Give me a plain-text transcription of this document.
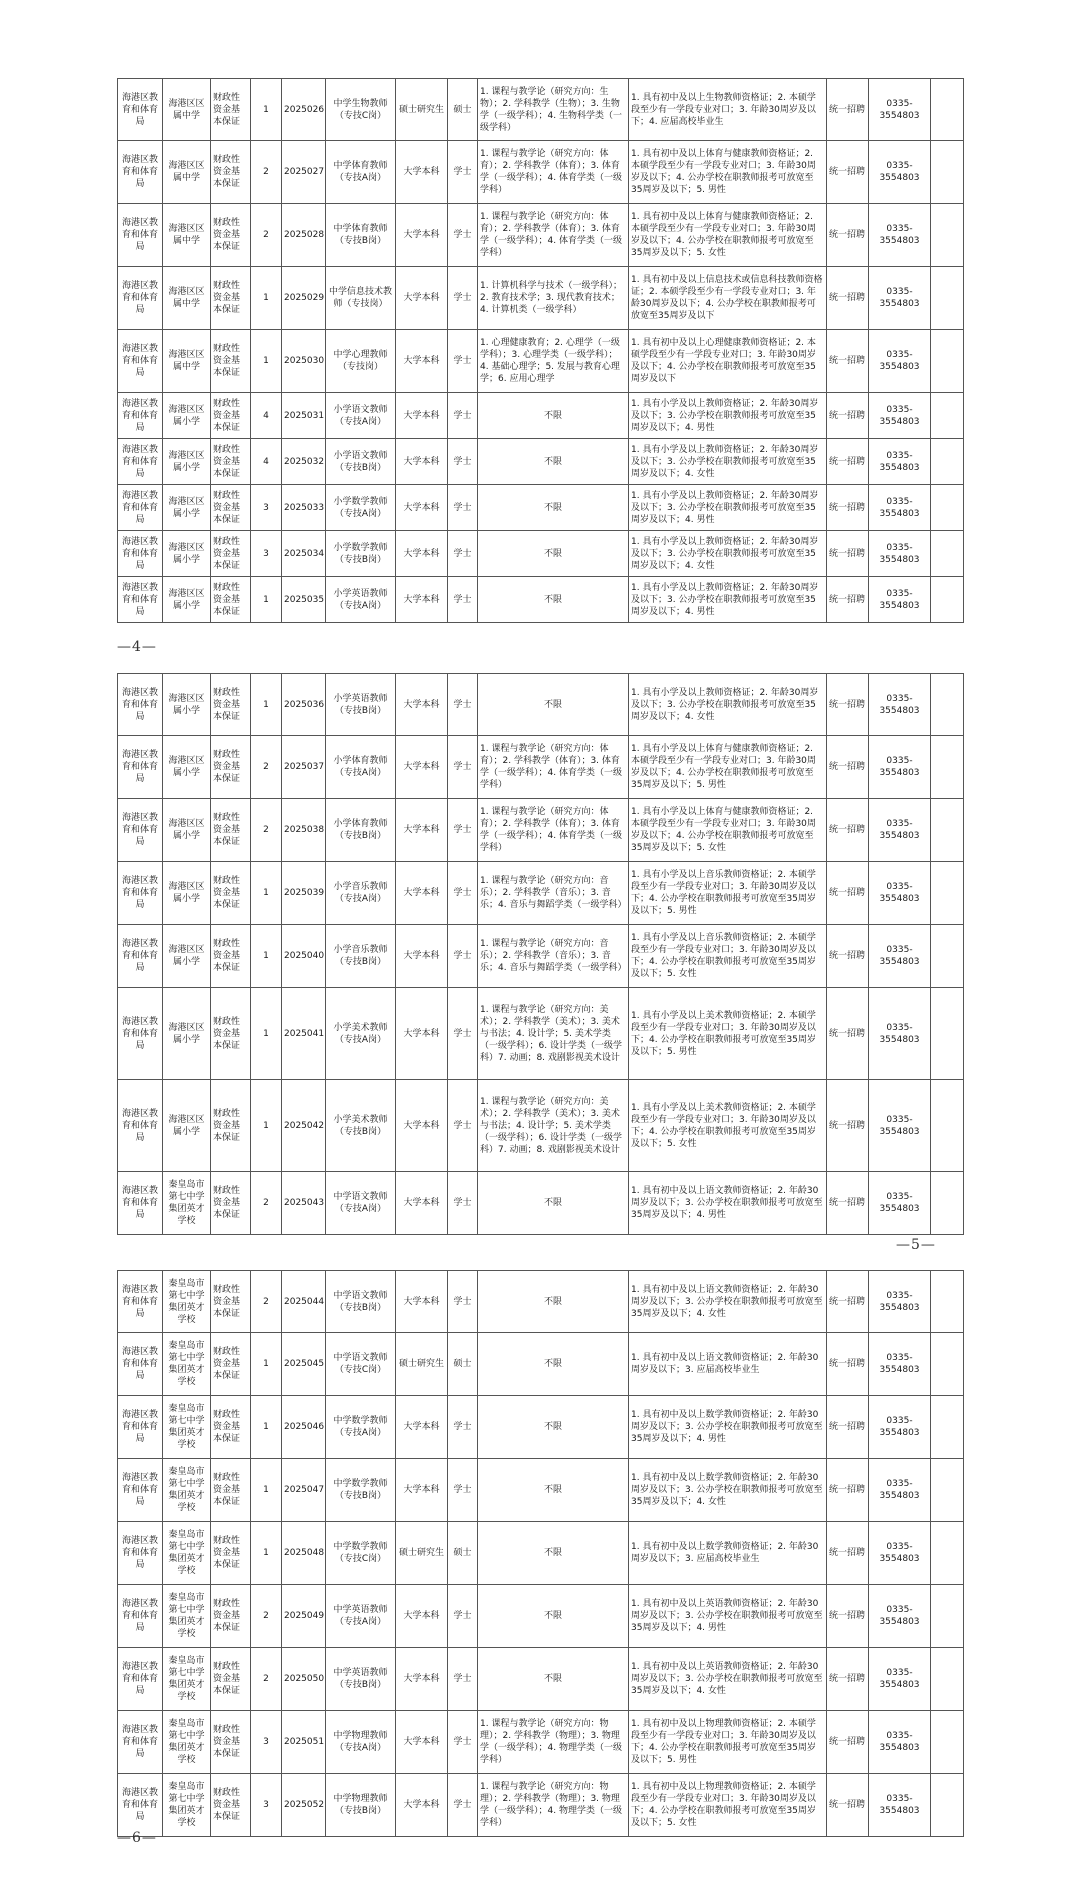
海港区教育和体育局	海港区区属中学	财政性资金基本保证	1	2025026	中学生物教师（专技C岗）	硕士研究生	硕士	1. 课程与教学论（研究方向：生物）；2. 学科教学（生物）；3. 生物学（一级学科）；4. 生物科学类（一级学科）	1. 具有初中及以上生物教师资格证；2. 本硕学段至少有一学段专业对口；3. 年龄30周岁及以下；4. 应届高校毕业生	统一招聘	0335-3554803	
海港区教育和体育局	海港区区属中学	财政性资金基本保证	2	2025027	中学体育教师（专技A岗）	大学本科	学士	1. 课程与教学论（研究方向：体育）；2. 学科教学（体育）；3. 体育学（一级学科）；4. 体育学类（一级学科）	1. 具有初中及以上体育与健康教师资格证；2. 本硕学段至少有一学段专业对口；3. 年龄30周岁及以下；4. 公办学校在职教师报考可放宽至35周岁及以下；5. 男性	统一招聘	0335-3554803	
海港区教育和体育局	海港区区属中学	财政性资金基本保证	2	2025028	中学体育教师（专技B岗）	大学本科	学士	1. 课程与教学论（研究方向：体育）；2. 学科教学（体育）；3. 体育学（一级学科）；4. 体育学类（一级学科）	1. 具有初中及以上体育与健康教师资格证；2. 本硕学段至少有一学段专业对口；3. 年龄30周岁及以下；4. 公办学校在职教师报考可放宽至35周岁及以下；5. 女性	统一招聘	0335-3554803	
海港区教育和体育局	海港区区属中学	财政性资金基本保证	1	2025029	中学信息技术教师（专技岗）	大学本科	学士	1. 计算机科学与技术（一级学科）；2. 教育技术学；3. 现代教育技术；4. 计算机类（一级学科）	1. 具有初中及以上信息技术或信息科技教师资格证；2. 本硕学段至少有一学段专业对口；3. 年龄30周岁及以下；4. 公办学校在职教师报考可放宽至35周岁及以下	统一招聘	0335-3554803	
海港区教育和体育局	海港区区属中学	财政性资金基本保证	1	2025030	中学心理教师（专技岗）	大学本科	学士	1. 心理健康教育；2. 心理学（一级学科）；3. 心理学类（一级学科）；4. 基础心理学；5. 发展与教育心理学；6. 应用心理学	1. 具有初中及以上心理健康教师资格证；2. 本硕学段至少有一学段专业对口；3. 年龄30周岁及以下；4. 公办学校在职教师报考可放宽至35周岁及以下	统一招聘	0335-3554803	
海港区教育和体育局	海港区区属小学	财政性资金基本保证	4	2025031	小学语文教师（专技A岗）	大学本科	学士	不限	1. 具有小学及以上教师资格证；2. 年龄30周岁及以下；3. 公办学校在职教师报考可放宽至35周岁及以下；4. 男性	统一招聘	0335-3554803	
海港区教育和体育局	海港区区属小学	财政性资金基本保证	4	2025032	小学语文教师（专技B岗）	大学本科	学士	不限	1. 具有小学及以上教师资格证；2. 年龄30周岁及以下；3. 公办学校在职教师报考可放宽至35周岁及以下；4. 女性	统一招聘	0335-3554803	
海港区教育和体育局	海港区区属小学	财政性资金基本保证	3	2025033	小学数学教师（专技A岗）	大学本科	学士	不限	1. 具有小学及以上教师资格证；2. 年龄30周岁及以下；3. 公办学校在职教师报考可放宽至35周岁及以下；4. 男性	统一招聘	0335-3554803	
海港区教育和体育局	海港区区属小学	财政性资金基本保证	3	2025034	小学数学教师（专技B岗）	大学本科	学士	不限	1. 具有小学及以上教师资格证；2. 年龄30周岁及以下；3. 公办学校在职教师报考可放宽至35周岁及以下；4. 女性	统一招聘	0335-3554803	
海港区教育和体育局	海港区区属小学	财政性资金基本保证	1	2025035	小学英语教师（专技A岗）	大学本科	学士	不限	1. 具有小学及以上教师资格证；2. 年龄30周岁及以下；3. 公办学校在职教师报考可放宽至35周岁及以下；4. 男性	统一招聘	0335-3554803	
—4—
海港区教育和体育局	海港区区属小学	财政性资金基本保证	1	2025036	小学英语教师（专技B岗）	大学本科	学士	不限	1. 具有小学及以上教师资格证；2. 年龄30周岁及以下；3. 公办学校在职教师报考可放宽至35周岁及以下；4. 女性	统一招聘	0335-3554803	
海港区教育和体育局	海港区区属小学	财政性资金基本保证	2	2025037	小学体育教师（专技A岗）	大学本科	学士	1. 课程与教学论（研究方向：体育）；2. 学科教学（体育）；3. 体育学（一级学科）；4. 体育学类（一级学科）	1. 具有小学及以上体育与健康教师资格证；2. 本硕学段至少有一学段专业对口；3. 年龄30周岁及以下；4. 公办学校在职教师报考可放宽至35周岁及以下；5. 男性	统一招聘	0335-3554803	
海港区教育和体育局	海港区区属小学	财政性资金基本保证	2	2025038	小学体育教师（专技B岗）	大学本科	学士	1. 课程与教学论（研究方向：体育）；2. 学科教学（体育）；3. 体育学（一级学科）；4. 体育学类（一级学科）	1. 具有小学及以上体育与健康教师资格证；2. 本硕学段至少有一学段专业对口；3. 年龄30周岁及以下；4. 公办学校在职教师报考可放宽至35周岁及以下；5. 女性	统一招聘	0335-3554803	
海港区教育和体育局	海港区区属小学	财政性资金基本保证	1	2025039	小学音乐教师（专技A岗）	大学本科	学士	1. 课程与教学论（研究方向：音乐）；2. 学科教学（音乐）；3. 音乐；4. 音乐与舞蹈学类（一级学科）	1. 具有小学及以上音乐教师资格证；2. 本硕学段至少有一学段专业对口；3. 年龄30周岁及以下；4. 公办学校在职教师报考可放宽至35周岁及以下；5. 男性	统一招聘	0335-3554803	
海港区教育和体育局	海港区区属小学	财政性资金基本保证	1	2025040	小学音乐教师（专技B岗）	大学本科	学士	1. 课程与教学论（研究方向：音乐）；2. 学科教学（音乐）；3. 音乐；4. 音乐与舞蹈学类（一级学科）	1. 具有小学及以上音乐教师资格证；2. 本硕学段至少有一学段专业对口；3. 年龄30周岁及以下；4. 公办学校在职教师报考可放宽至35周岁及以下；5. 女性	统一招聘	0335-3554803	
海港区教育和体育局	海港区区属小学	财政性资金基本保证	1	2025041	小学美术教师（专技A岗）	大学本科	学士	1. 课程与教学论（研究方向：美术）；2. 学科教学（美术）；3. 美术与书法；4. 设计学；5. 美术学类（一级学科）；6. 设计学类（一级学科）7. 动画；8. 戏剧影视美术设计	1. 具有小学及以上美术教师资格证；2. 本硕学段至少有一学段专业对口；3. 年龄30周岁及以下；4. 公办学校在职教师报考可放宽至35周岁及以下；5. 男性	统一招聘	0335-3554803	
海港区教育和体育局	海港区区属小学	财政性资金基本保证	1	2025042	小学美术教师（专技B岗）	大学本科	学士	1. 课程与教学论（研究方向：美术）；2. 学科教学（美术）；3. 美术与书法；4. 设计学；5. 美术学类（一级学科）；6. 设计学类（一级学科）7. 动画；8. 戏剧影视美术设计	1. 具有小学及以上美术教师资格证；2. 本硕学段至少有一学段专业对口；3. 年龄30周岁及以下；4. 公办学校在职教师报考可放宽至35周岁及以下；5. 女性	统一招聘	0335-3554803	
海港区教育和体育局	秦皇岛市第七中学集团英才学校	财政性资金基本保证	2	2025043	中学语文教师（专技A岗）	大学本科	学士	不限	1. 具有初中及以上语文教师资格证；2. 年龄30周岁及以下；3. 公办学校在职教师报考可放宽至35周岁及以下；4. 男性	统一招聘	0335-3554803	
—5—
海港区教育和体育局	秦皇岛市第七中学集团英才学校	财政性资金基本保证	2	2025044	中学语文教师（专技B岗）	大学本科	学士	不限	1. 具有初中及以上语文教师资格证；2. 年龄30周岁及以下；3. 公办学校在职教师报考可放宽至35周岁及以下；4. 女性	统一招聘	0335-3554803	
海港区教育和体育局	秦皇岛市第七中学集团英才学校	财政性资金基本保证	1	2025045	中学语文教师（专技C岗）	硕士研究生	硕士	不限	1. 具有初中及以上语文教师资格证；2. 年龄30周岁及以下；3. 应届高校毕业生	统一招聘	0335-3554803	
海港区教育和体育局	秦皇岛市第七中学集团英才学校	财政性资金基本保证	1	2025046	中学数学教师（专技A岗）	大学本科	学士	不限	1. 具有初中及以上数学教师资格证；2. 年龄30周岁及以下；3. 公办学校在职教师报考可放宽至35周岁及以下；4. 男性	统一招聘	0335-3554803	
海港区教育和体育局	秦皇岛市第七中学集团英才学校	财政性资金基本保证	1	2025047	中学数学教师（专技B岗）	大学本科	学士	不限	1. 具有初中及以上数学教师资格证；2. 年龄30周岁及以下；3. 公办学校在职教师报考可放宽至35周岁及以下；4. 女性	统一招聘	0335-3554803	
海港区教育和体育局	秦皇岛市第七中学集团英才学校	财政性资金基本保证	1	2025048	中学数学教师（专技C岗）	硕士研究生	硕士	不限	1. 具有初中及以上数学教师资格证；2. 年龄30周岁及以下；3. 应届高校毕业生	统一招聘	0335-3554803	
海港区教育和体育局	秦皇岛市第七中学集团英才学校	财政性资金基本保证	2	2025049	中学英语教师（专技A岗）	大学本科	学士	不限	1. 具有初中及以上英语教师资格证；2. 年龄30周岁及以下；3. 公办学校在职教师报考可放宽至35周岁及以下；4. 男性	统一招聘	0335-3554803	
海港区教育和体育局	秦皇岛市第七中学集团英才学校	财政性资金基本保证	2	2025050	中学英语教师（专技B岗）	大学本科	学士	不限	1. 具有初中及以上英语教师资格证；2. 年龄30周岁及以下；3. 公办学校在职教师报考可放宽至35周岁及以下；4. 女性	统一招聘	0335-3554803	
海港区教育和体育局	秦皇岛市第七中学集团英才学校	财政性资金基本保证	3	2025051	中学物理教师（专技A岗）	大学本科	学士	1. 课程与教学论（研究方向：物理）；2. 学科教学（物理）；3. 物理学（一级学科）；4. 物理学类（一级学科）	1. 具有初中及以上物理教师资格证；2. 本硕学段至少有一学段专业对口；3. 年龄30周岁及以下；4. 公办学校在职教师报考可放宽至35周岁及以下；5. 男性	统一招聘	0335-3554803	
海港区教育和体育局	秦皇岛市第七中学集团英才学校	财政性资金基本保证	3	2025052	中学物理教师（专技B岗）	大学本科	学士	1. 课程与教学论（研究方向：物理）；2. 学科教学（物理）；3. 物理学（一级学科）；4. 物理学类（一级学科）	1. 具有初中及以上物理教师资格证；2. 本硕学段至少有一学段专业对口；3. 年龄30周岁及以下；4. 公办学校在职教师报考可放宽至35周岁及以下；5. 女性	统一招聘	0335-3554803	
—6—
